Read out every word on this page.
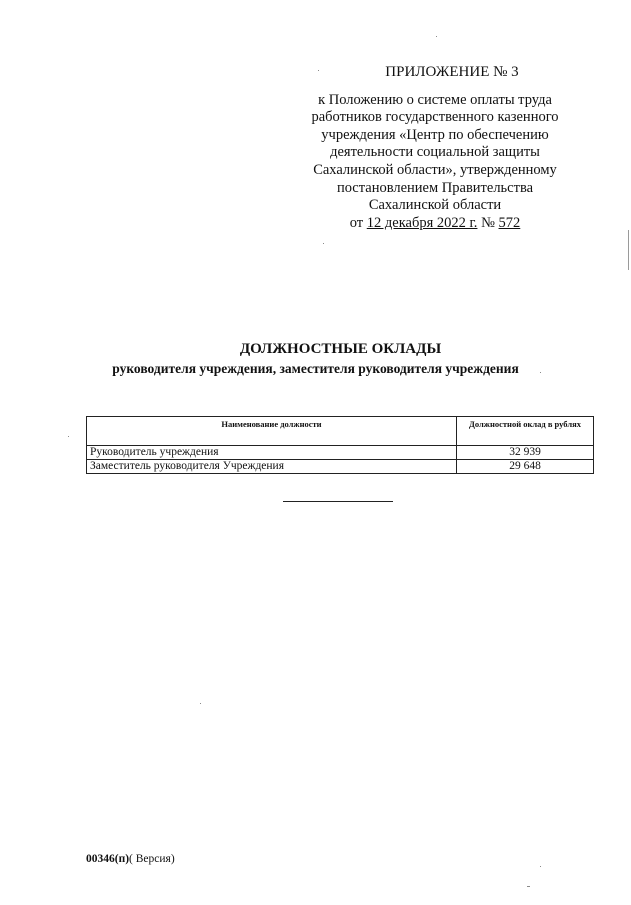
ПРИЛОЖЕНИЕ № 3
к Положению о системе оплаты труда
работников государственного казенного
учреждения «Центр по обеспечению
деятельности социальной защиты
Сахалинской области», утвержденному
постановлением Правительства
Сахалинской области
от 12 декабря 2022 г. № 572
ДОЛЖНОСТНЫЕ ОКЛАДЫ
руководителя учреждения, заместителя руководителя учреждения
Наименование должности	Должностной оклад в рублях
Руководитель учреждения	32 939
Заместитель руководителя Учреждения	29 648
00346(п)( Версия)
